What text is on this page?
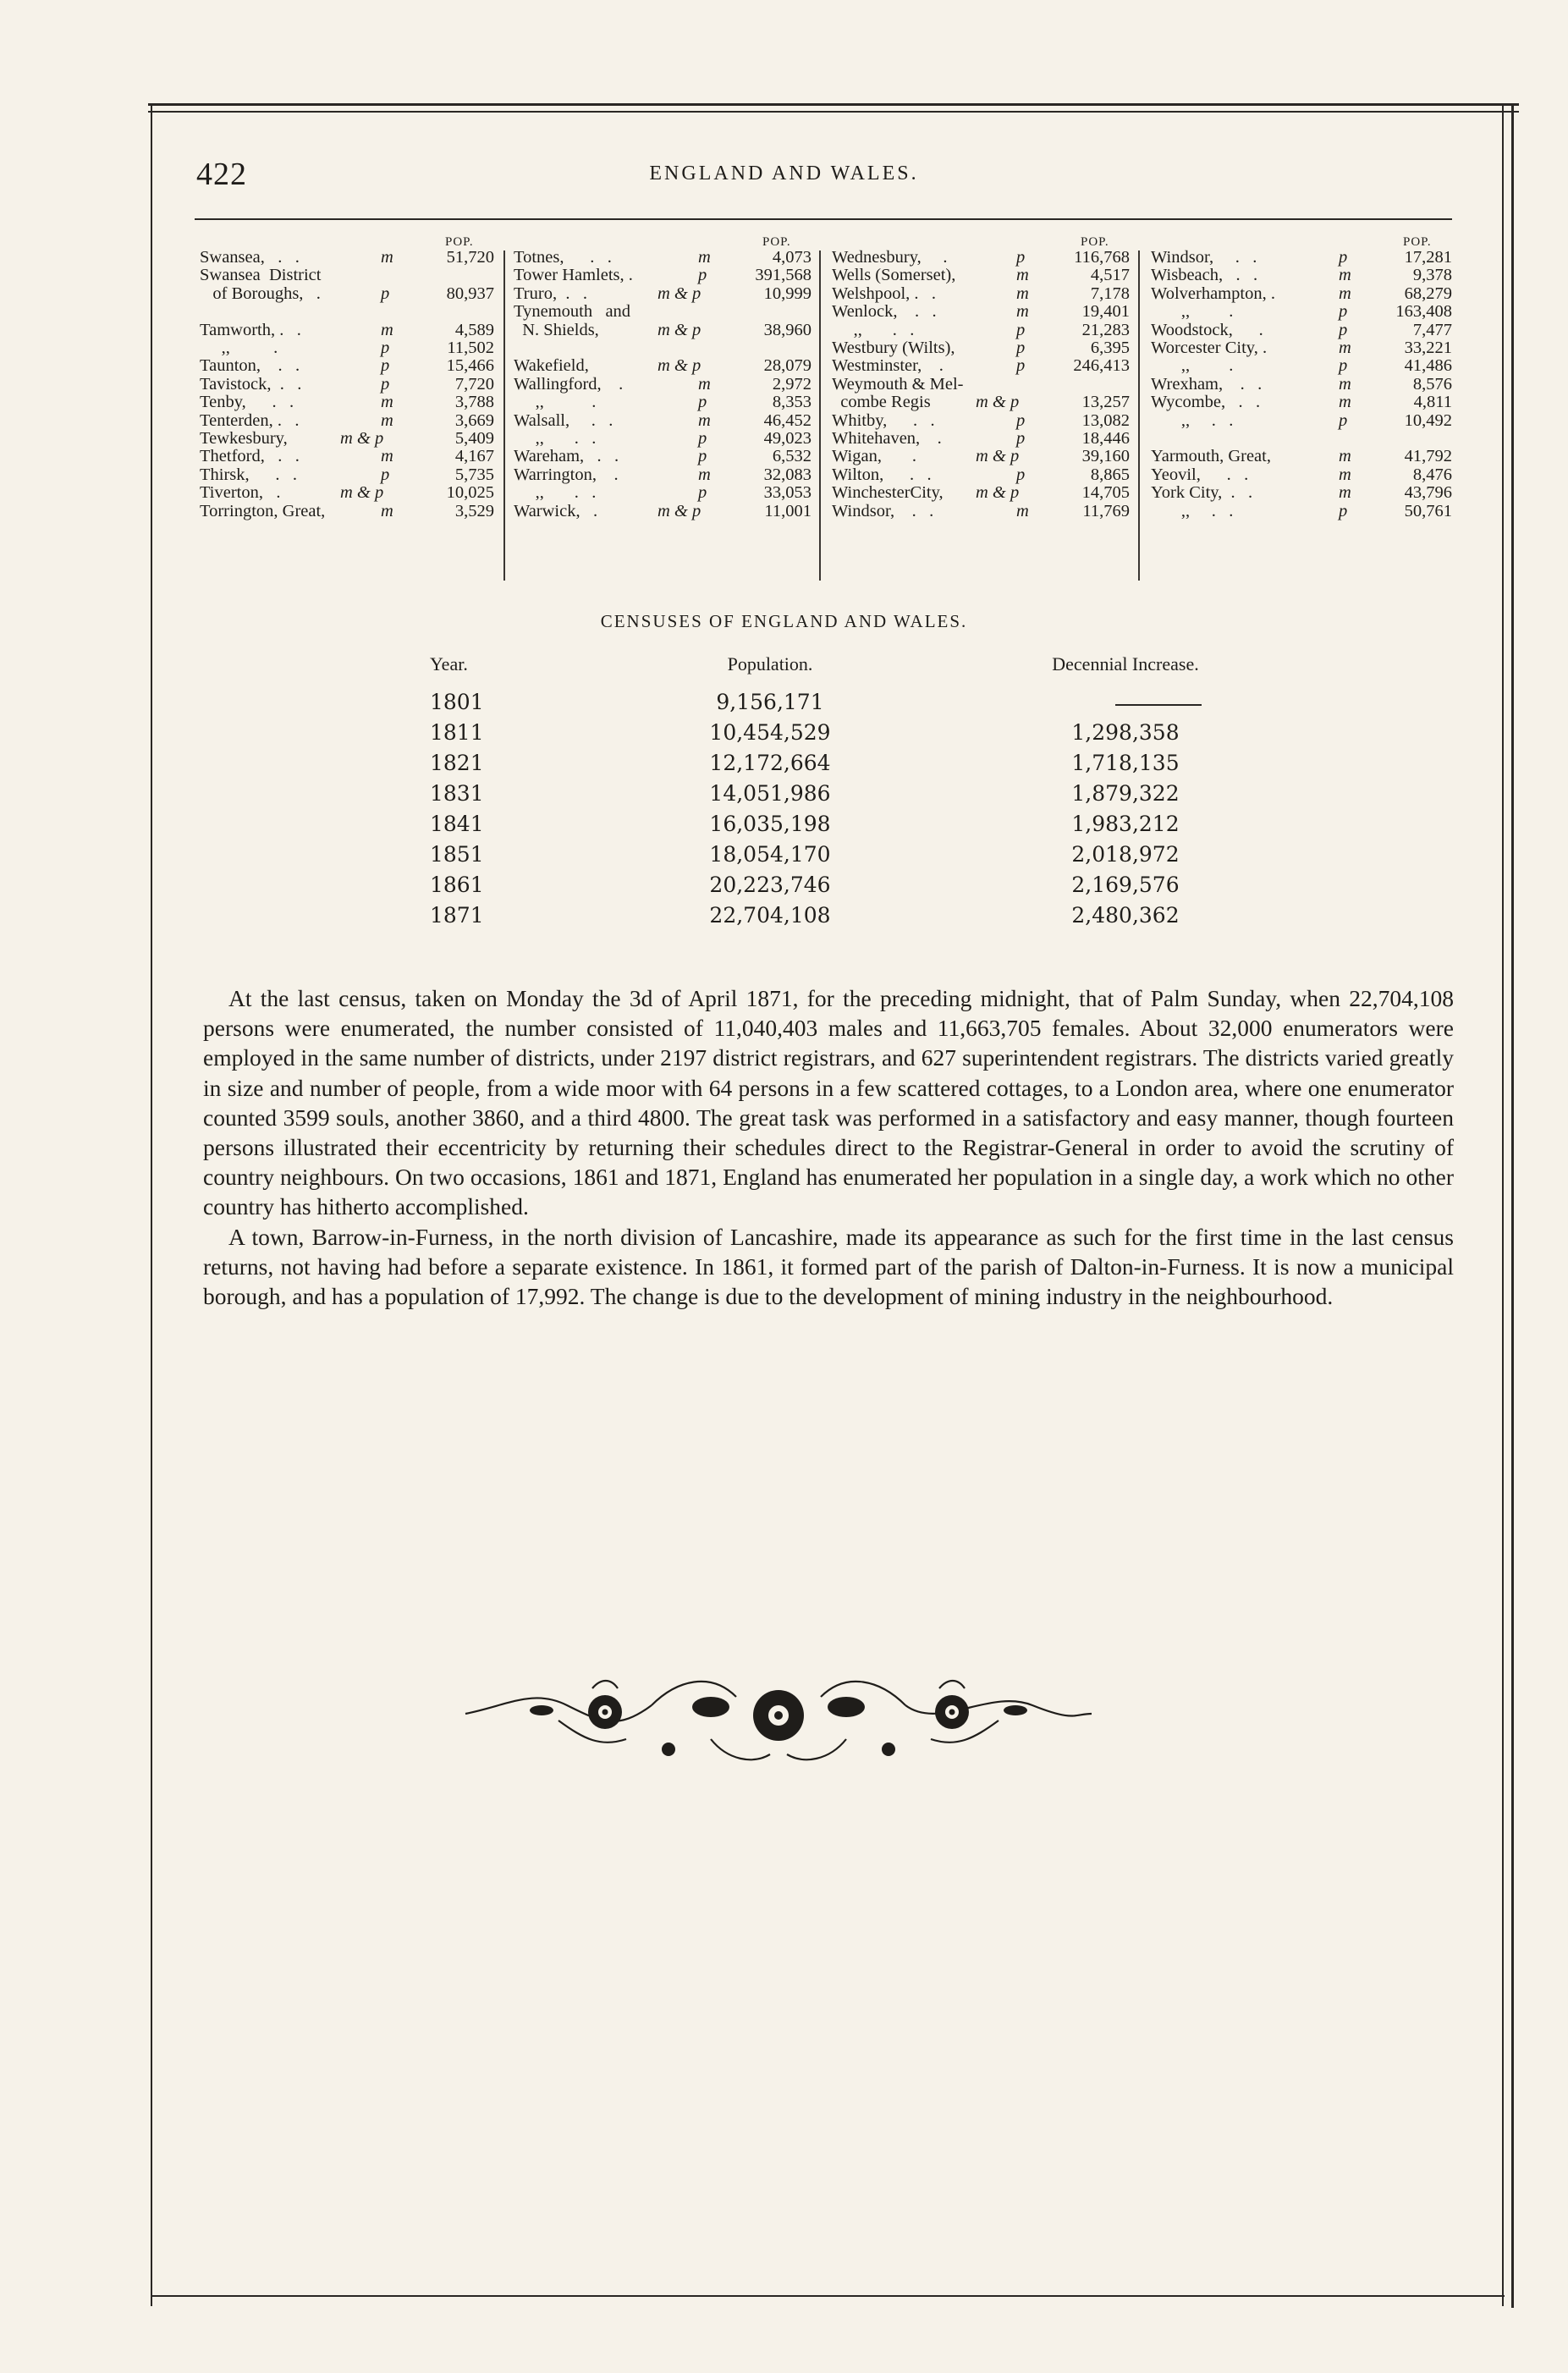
422	ENGLAND AND WALES.
POP.
Swansea,   .   .	m	51,720
Swansea  District
of Boroughs,   .	p	80,937
Tamworth, .   .	m	4,589
,,          .	p	11,502
Taunton,    .   .	p	15,466
Tavistock,  .   .	p	7,720
Tenby,      .   .	m	3,788
Tenterden, .   .	m	3,669
Tewkesbury,	m & p	5,409
Thetford,   .   .	m	4,167
Thirsk,      .   .	p	5,735
Tiverton,   .	m & p	10,025
Torrington, Great,	m	3,529
POP.
Totnes,      .   .	m	4,073
Tower Hamlets, .	p	391,568
Truro,  .   .	m & p	10,999
Tynemouth   and
N. Shields,	m & p	38,960
Wakefield,	m & p	28,079
Wallingford,    .	m	2,972
,,           .	p	8,353
Walsall,     .   .	m	46,452
,,       .   .	p	49,023
Wareham,   .   .	p	6,532
Warrington,    .	m	32,083
,,       .   .	p	33,053
Warwick,   .	m & p	11,001
POP.
Wednesbury,     .	p	116,768
Wells (Somerset),	m	4,517
Welshpool, .   .	m	7,178
Wenlock,    .   .	m	19,401
,,       .   .	p	21,283
Westbury (Wilts),	p	6,395
Westminster,    .	p	246,413
Weymouth & Mel-
combe Regis	m & p	13,257
Whitby,      .   .	p	13,082
Whitehaven,    .	p	18,446
Wigan,       .	m & p	39,160
Wilton,      .   .	p	8,865
WinchesterCity, m & p	14,705
Windsor,    .   .	m	11,769
POP.
Windsor,     .   .	p	17,281
Wisbeach,   .   .	m	9,378
Wolverhampton, .	m	68,279
,,         .	p	163,408
Woodstock,      .	p	7,477
Worcester City, .	m	33,221
,,         .	p	41,486
Wrexham,    .   .	m	8,576
Wycombe,   .   .	m	4,811
,,     .   .	p	10,492
Yarmouth, Great,	m	41,792
Yeovil,      .   .	m	8,476
York City,  .   .	m	43,796
,,     .   .	p	50,761
CENSUSES OF ENGLAND AND WALES.
Year.	Population.	Decennial Increase.
1801	9,156,171
1811	10,454,529	1,298,358
1821	12,172,664	1,718,135
1831	14,051,986	1,879,322
1841	16,035,198	1,983,212
1851	18,054,170	2,018,972
1861	20,223,746	2,169,576
1871	22,704,108	2,480,362

At the last census, taken on Monday the 3d of April 1871, for the preceding midnight, that of Palm Sunday, when 22,704,108 persons were enumerated, the number consisted of 11,040,403 males and 11,663,705 females. About 32,000 enumerators were employed in the same number of districts, under 2197 district registrars, and 627 superintendent registrars. The districts varied greatly in size and number of people, from a wide moor with 64 persons in a few scattered cottages, to a London area, where one enumerator counted 3599 souls, another 3860, and a third 4800. The great task was performed in a satisfactory and easy manner, though fourteen persons illustrated their eccentricity by returning their schedules direct to the Registrar-General in order to avoid the scrutiny of country neighbours. On two occasions, 1861 and 1871, England has enumerated her population in a single day, a work which no other country has hitherto accomplished.

A town, Barrow-in-Furness, in the north division of Lancashire, made its appearance as such for the first time in the last census returns, not having had before a separate existence. In 1861, it formed part of the parish of Dalton-in-Furness. It is now a municipal borough, and has a population of 17,992. The change is due to the development of mining industry in the neighbourhood.
